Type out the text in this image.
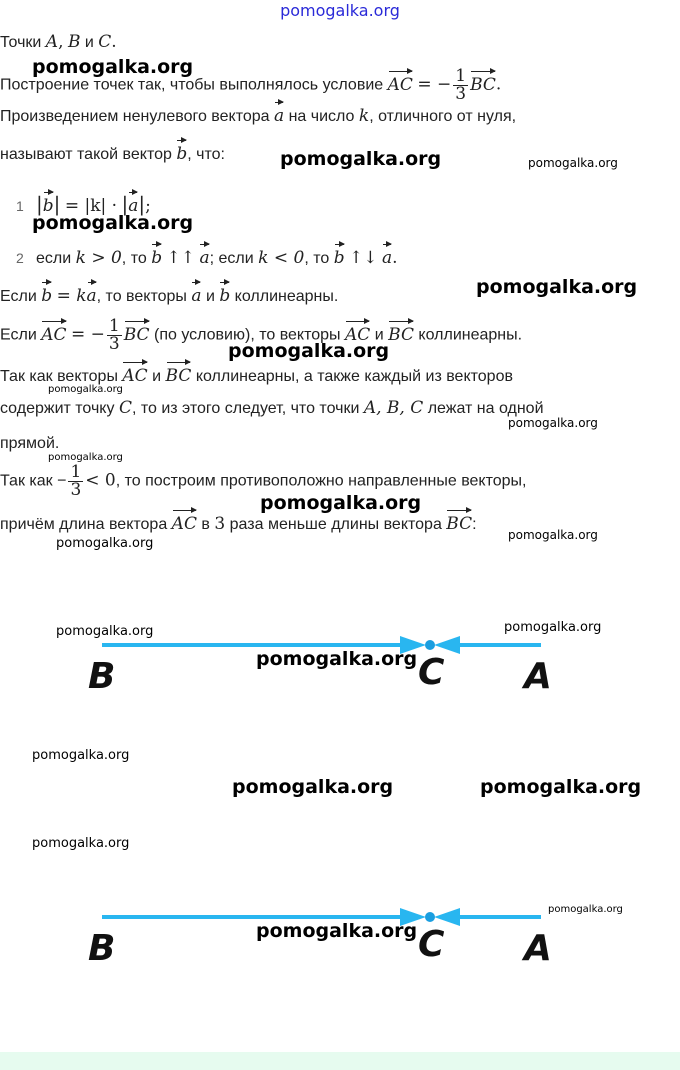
pomogalka.org
Точки A, B и C.
Построение точек так, чтобы выполнялось условие AC = − $\frac{1}{3}$ BC.
Произведением ненулевого вектора a на число k, отличного от нуля,
называют такой вектор b, что:
1 |b| = |k| · |a|;
2 если k > 0, то b ↑↑ a; если k < 0, то b ↑↓ a.
Если b = ka, то векторы a и b коллинеарны.
Если AC = − $\frac{1}{3}$ BC (по условию), то векторы AC и BC коллинеарны.
Так как векторы AC и BC коллинеарны, а также каждый из векторов
содержит точку C, то из этого следует, что точки A, B, C лежат на одной
прямой.
Так как − $\frac{1}{3} < 0$, то построим противоположно направленные векторы,
причём длина вектора AC в 3 раза меньше длины вектора BC:
B	C A
B	C A
pomogalka.org
pomogalka.org	pomogalka.org
pomogalka.org
pomogalka.org
pomogalka.org
pomogalka.org
pomogalka.org
pomogalka.org
pomogalka.org
pomogalka.org
pomogalka.org
pomogalka.org	pomogalka.org
pomogalka.org
pomogalka.org
pomogalka.org	pomogalka.org
pomogalka.org
pomogalka.org
pomogalka.org
